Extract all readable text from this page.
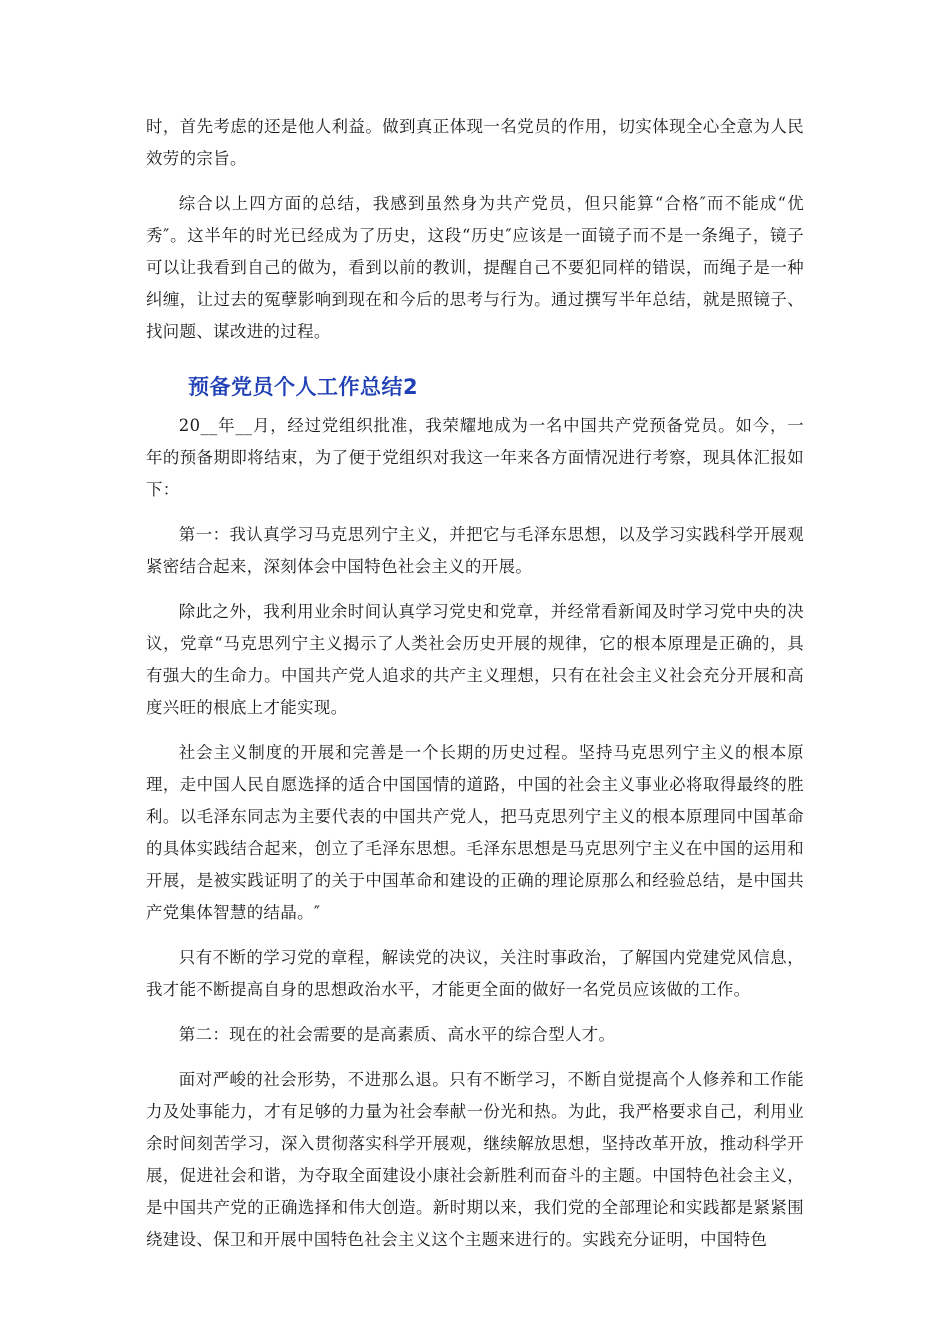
时，首先考虑的还是他人利益。做到真正体现一名党员的作用，切实体现全心全意为人民效劳的宗旨。

综合以上四方面的总结，我感到虽然身为共产党员，但只能算“合格″而不能成“优秀″。这半年的时光已经成为了历史，这段“历史″应该是一面镜子而不是一条绳子，镜子可以让我看到自己的做为，看到以前的教训，提醒自己不要犯同样的错误，而绳子是一种纠缠，让过去的冤孽影响到现在和今后的思考与行为。通过撰写半年总结，就是照镜子、找问题、谋改进的过程。

预备党员个人工作总结2

20__年__月，经过党组织批准，我荣耀地成为一名中国共产党预备党员。如今，一年的预备期即将结束，为了便于党组织对我这一年来各方面情况进行考察，现具体汇报如下：

第一：我认真学习马克思列宁主义，并把它与毛泽东思想，以及学习实践科学开展观紧密结合起来，深刻体会中国特色社会主义的开展。

除此之外，我利用业余时间认真学习党史和党章，并经常看新闻及时学习党中央的决议，党章“马克思列宁主义揭示了人类社会历史开展的规律，它的根本原理是正确的，具有强大的生命力。中国共产党人追求的共产主义理想，只有在社会主义社会充分开展和高度兴旺的根底上才能实现。

社会主义制度的开展和完善是一个长期的历史过程。坚持马克思列宁主义的根本原理，走中国人民自愿选择的适合中国国情的道路，中国的社会主义事业必将取得最终的胜利。以毛泽东同志为主要代表的中国共产党人，把马克思列宁主义的根本原理同中国革命的具体实践结合起来，创立了毛泽东思想。毛泽东思想是马克思列宁主义在中国的运用和开展，是被实践证明了的关于中国革命和建设的正确的理论原那么和经验总结，是中国共产党集体智慧的结晶。″

只有不断的学习党的章程，解读党的决议，关注时事政治，了解国内党建党风信息，我才能不断提高自身的思想政治水平，才能更全面的做好一名党员应该做的工作。

第二：现在的社会需要的是高素质、高水平的综合型人才。

面对严峻的社会形势，不进那么退。只有不断学习，不断自觉提高个人修养和工作能力及处事能力，才有足够的力量为社会奉献一份光和热。为此，我严格要求自己，利用业余时间刻苦学习，深入贯彻落实科学开展观，继续解放思想，坚持改革开放，推动科学开展，促进社会和谐，为夺取全面建设小康社会新胜利而奋斗的主题。中国特色社会主义，是中国共产党的正确选择和伟大创造。新时期以来，我们党的全部理论和实践都是紧紧围绕建设、保卫和开展中国特色社会主义这个主题来进行的。实践充分证明，中国特色
